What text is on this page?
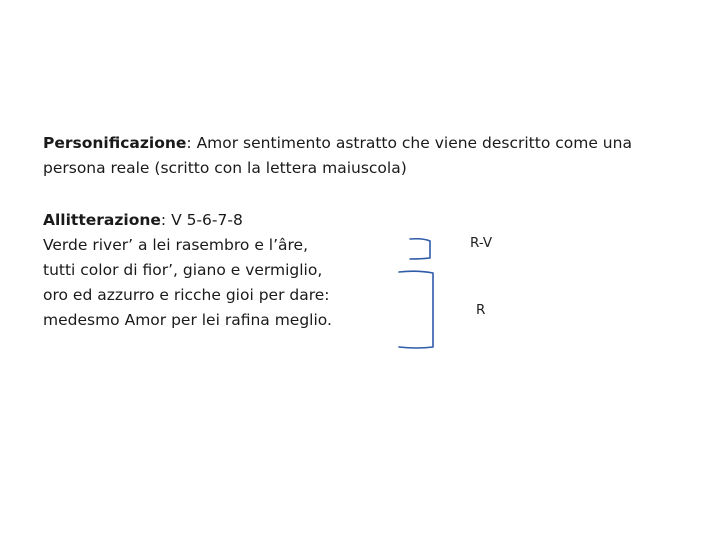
Personificazione: Amor sentimento astratto che viene descritto come una
persona reale (scritto con la lettera maiuscola)
Allitterazione: V 5-6-7-8
Verde river’ a lei rasembro e l’âre,
tutti color di fior’, giano e vermiglio,
oro ed azzurro e ricche gioi per dare:
medesmo Amor per lei rafina meglio.
R-V
R
